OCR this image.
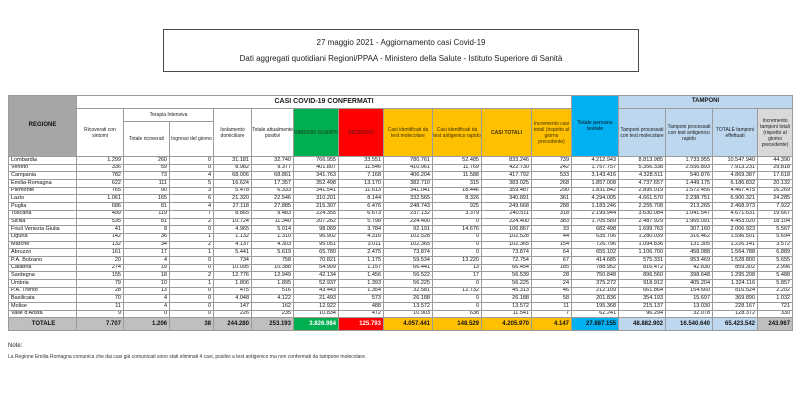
27 maggio 2021 - Aggiornamento casi Covid-19
Dati aggregati quotidiani Regioni/PPAA - Ministero della Salute - Istituto Superiore di Sanità
REGIONE	CASI COVID-19 CONFERMATI											Totale persone testate	TAMPONI			
	Ricoverati con sintomi	Terapia Intensiva		Isolamento domiciliare	Totale attualmente positivi	DIMESSI/ GUARITI	DECEDUTI	Casi identificati da test molecolare	Casi identificati da test antigenico rapido	CASI TOTALI	Incremento casi totali (rispetto al giorno precedente)		Tamponi processati con test molecolare	Tamponi processati con test antigenico rapido	TOTALE tamponi effettuati	Incremento tamponi totali (rispetto al giorno precedente)
		Totale ricoverati	Ingressi del giorno													
Lombardia	1.299	260	0	31.181	32.740	766.955	33.551	780.761	52.485	833.246	739	4.212.943	8.813.985	1.733.955	10.547.940	44.390
Veneto	336	59	0	8.982	9.377	401.807	11.546	410.961	11.769	422.730	242	1.757.757	5.356.338	2.556.893	7.913.231	29.818
Campania	782	73	4	68.006	68.861	341.763	7.168	406.204	11.588	417.792	533	3.143.416	4.328.511	540.876	4.869.387	17.618
Emilia-Romagna	622	111	5	16.624	17.357	352.498	13.170	382.710	315	383.025	268	1.857.008	4.737.657	1.449.175	6.186.832	20.132
Piemonte	765	90	3	5.478	6.333	341.541	11.613	341.041	18.446	359.487	290	1.831.842	2.895.019	1.572.456	4.467.475	16.269
Lazio	1.061	165	6	21.320	22.546	310.201	8.144	332.565	8.326	340.891	361	4.294.005	4.661.570	2.238.751	6.900.321	24.285
Puglia	686	81	4	27.118	27.885	215.307	6.476	248.743	925	249.668	288	1.183.246	2.255.708	213.265	2.468.973	7.922
Toscana	499	119	7	8.865	9.483	224.355	6.673	237.132	3.379	240.511	318	2.199.944	3.630.084	1.041.547	4.671.631	19.667
Sicilia	535	81	2	10.724	11.340	207.262	5.798	224.400	0	224.400	383	1.705.589	2.487.929	1.965.091	4.453.020	18.104
Friuli Venezia Giulia	41	8	0	4.965	5.014	98.069	3.784	92.191	14.676	106.867	33	682.498	1.699.763	307.160	2.006.923	5.567
Liguria	142	36	1	1.132	1.310	96.902	4.316	102.528	0	102.528	44	635.706	1.280.039	316.462	1.596.501	5.694
Marche	132	34	2	4.137	4.303	95.051	3.011	102.365	0	102.365	154	726.796	1.094.836	131.305	1.226.141	3.572
Abruzzo	161	17	1	5.441	5.619	65.780	2.475	73.874	0	73.874	64	655.102	1.106.700	458.088	1.564.788	6.889
P.A. Bolzano	20	4	0	734	758	70.821	1.175	59.534	13.220	72.754	67	414.685	575.331	953.469	1.528.800	5.655
Calabria	274	19	0	10.095	10.388	54.909	1.157	66.441	13	66.454	185	788.952	816.472	42.830	859.302	2.996
Sardegna	155	18	2	12.776	12.949	42.134	1.456	56.522	17	56.539	28	750.848	896.560	398.648	1.295.208	5.488
Umbria	79	10	1	1.806	1.895	52.937	1.393	56.225	0	56.225	24	375.272	918.912	405.204	1.324.116	5.857
P.A. Trento	28	13	0	475	516	43.443	1.354	32.581	12.732	45.313	46	212.109	661.864	154.660	816.524	2.202
Basilicata	70	4	0	4.048	4.122	21.493	573	26.188	0	26.188	58	201.836	354.193	15.697	369.890	1.032
Molise	11	4	0	147	162	12.922	488	13.572	0	13.572	11	195.368	215.137	13.030	228.167	721
Valle d'Aosta	9	0	0	226	235	10.834	472	10.903	638	11.541	7	62.241	96.294	32.078	128.372	330
TOTALE	7.707	1.206	38	244.280	253.193	3.826.984	125.793	4.057.441	148.529	4.205.970	4.147	27.887.155	48.882.902	16.540.640	65.423.542	243.967
Note:
La Regione Emilia Romagna comunica che dai casi già comunicati sono stati eliminati 4 casi, positivi a test antigenico ma non confermati da tampone molecolare.
